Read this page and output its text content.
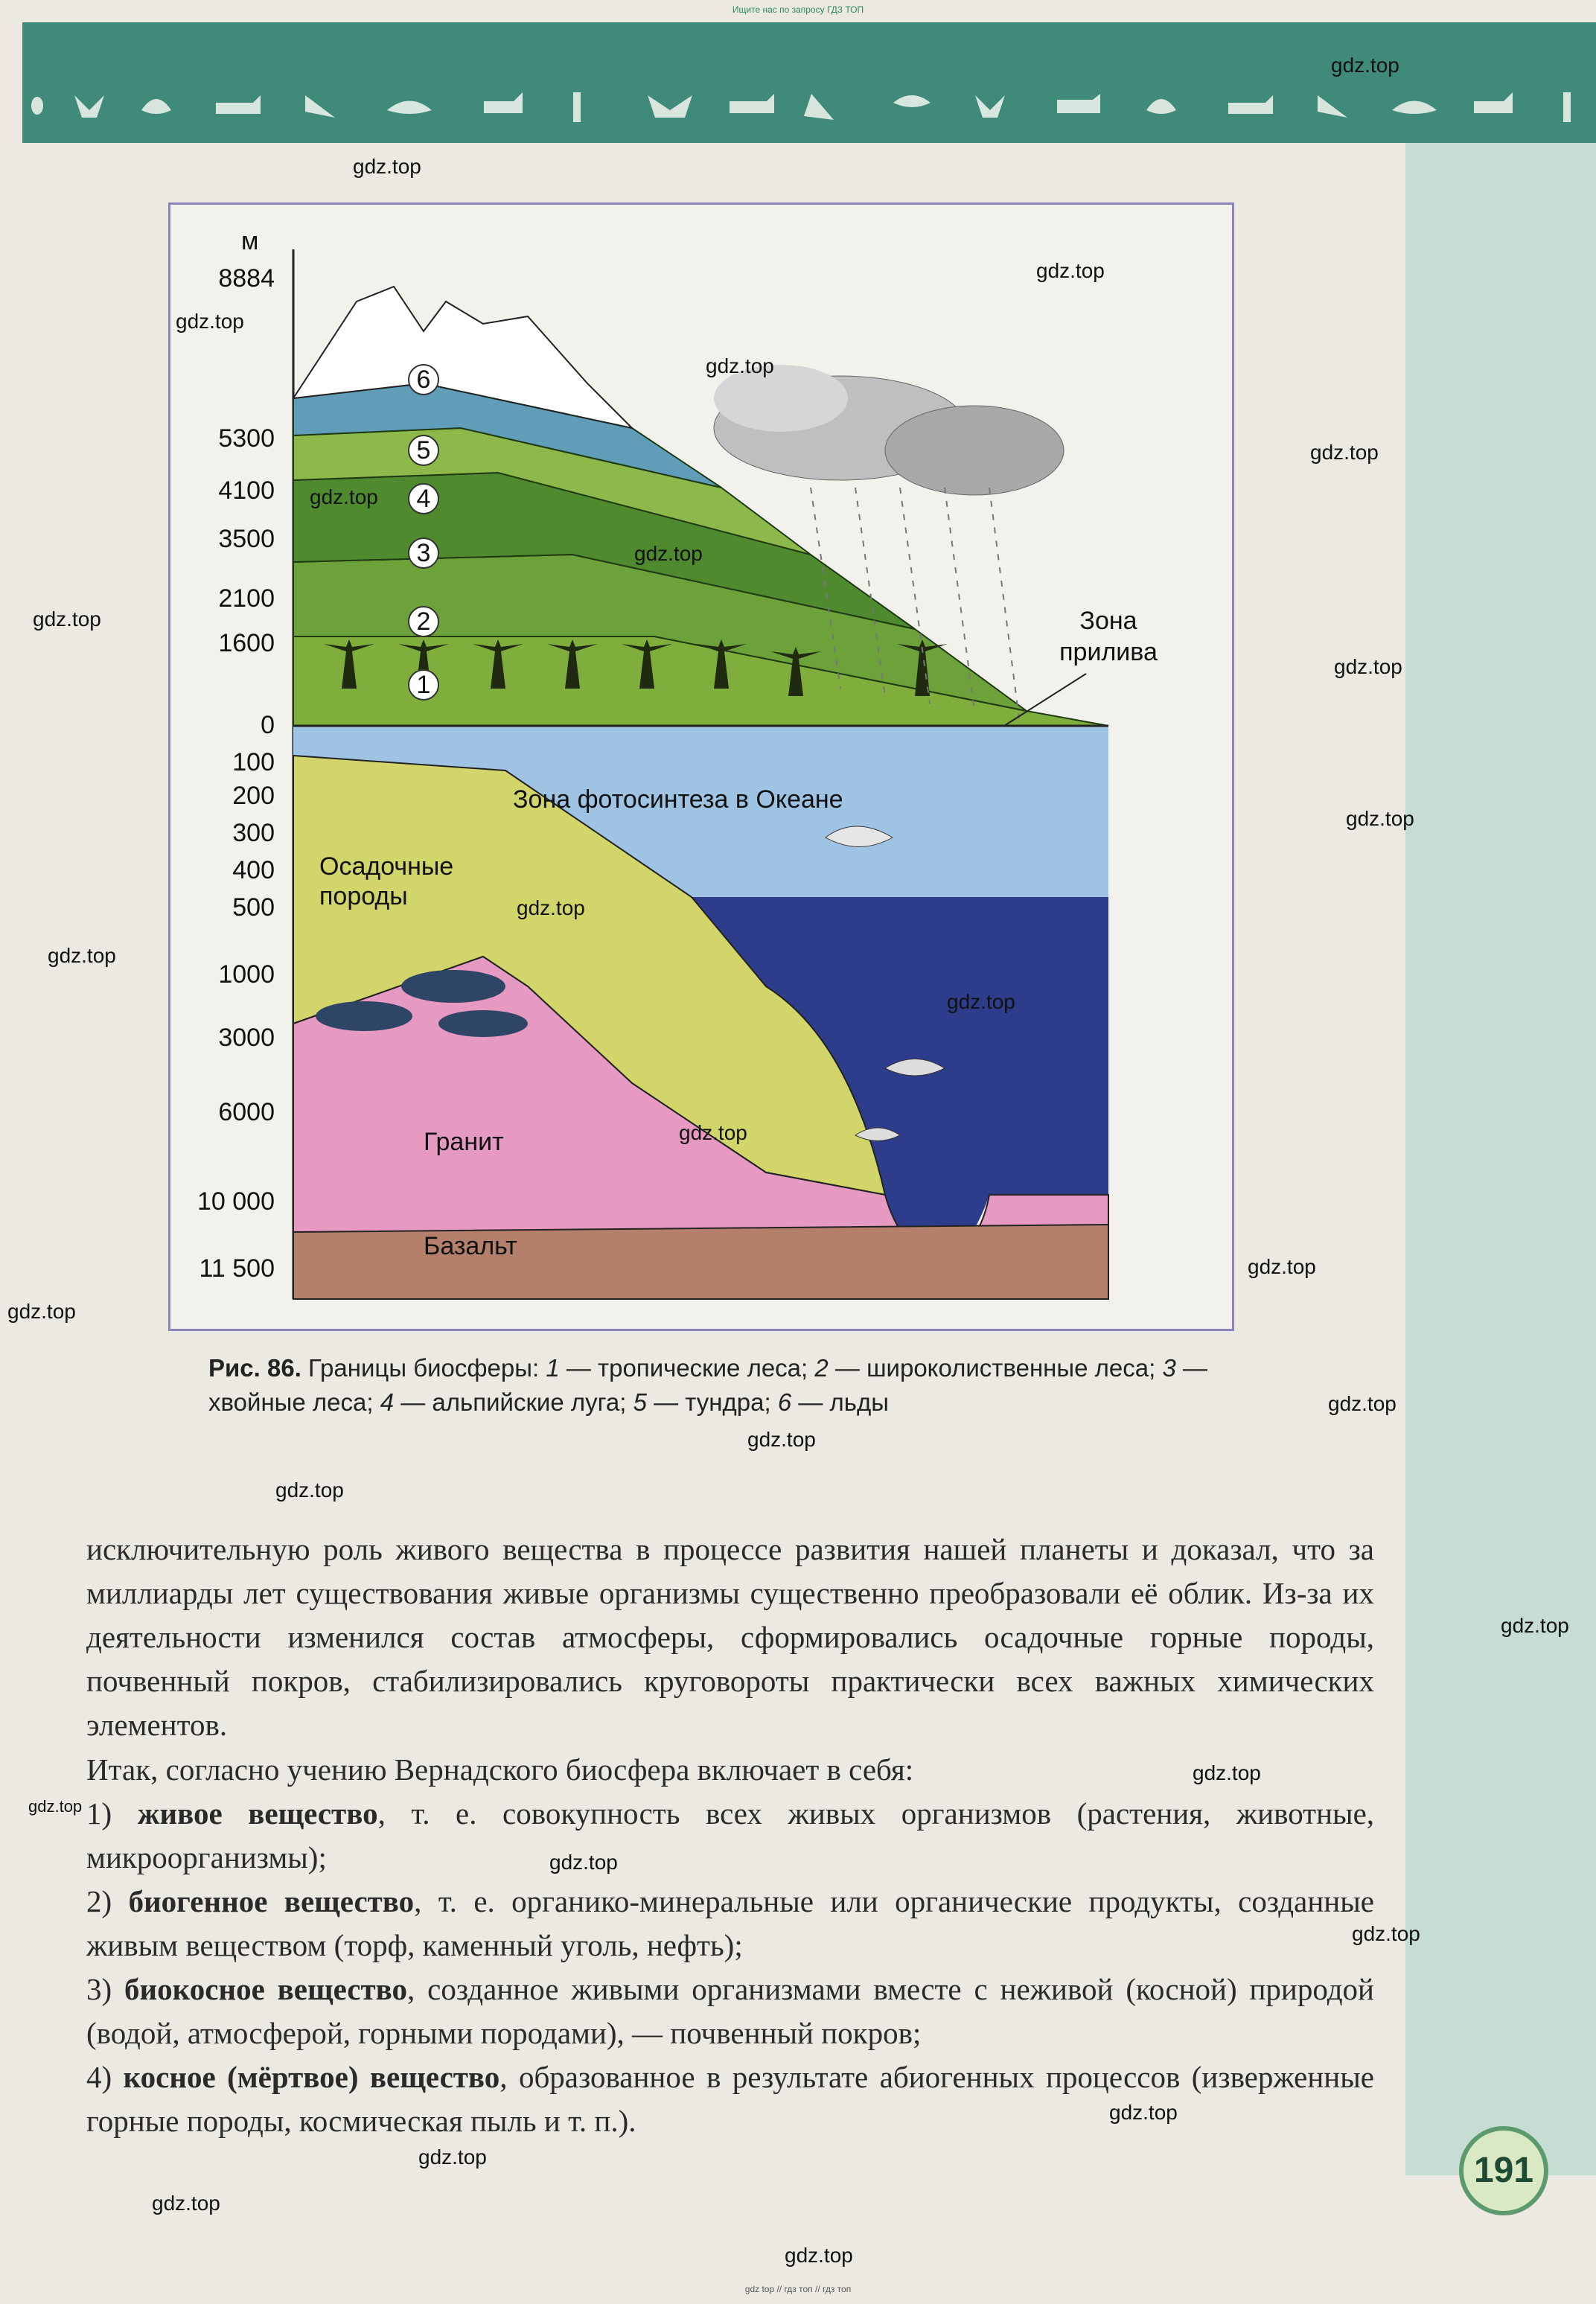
Ищите нас по запросу ГДЗ ТОП
м
8884
5300
4100
3500
2100
1600
0
100
200
300
400
500
1000
3000
6000
10 000
11 500
1
2
3
4
5
6
Зона
прилива
Зона фотосинтеза в Океане
Осадочные
породы
Гранит
Базальт
Рис. 86. Границы биосферы: 1 — тропические леса; 2 — широколиственные леса; 3 — хвойные леса; 4 — альпийские луга; 5 — тундра; 6 — льды

исключительную роль живого вещества в процессе развития нашей планеты и доказал, что за миллиарды лет существования живые организмы существенно преобразовали её облик. Из-за их деятельности изменился состав атмосферы, сформировались осадочные горные породы, почвенный покров, стабилизировались круговороты практически всех важных химических элементов.

Итак, согласно учению Вернадского биосфера включает в себя:

1) живое вещество, т. е. совокупность всех живых организмов (растения, животные, микроорганизмы);

2) биогенное вещество, т. е. органико-минеральные или органические продукты, созданные живым веществом (торф, каменный уголь, нефть);

3) биокосное вещество, созданное живыми организмами вместе с неживой (косной) природой (водой, атмосферой, горными породами), — почвенный покров;

4) косное (мёртвое) вещество, образованное в результате абиогенных процессов (изверженные горные породы, космическая пыль и т. п.).

191
gdz.top
gdz.top
gdz.top
gdz.top
gdz.top
gdz.top
gdz.top
gdz.top
gdz.top
gdz.top
gdz.top
gdz.top
gdz.top
gdz.top
gdz.top
gdz.top
gdz.top
gdz.top
gdz.top
gdz.top
gdz.top
gdz.top
gdz.top
gdz.top
gdz.top
gdz.top
gdz.top
gdz.top
gdz.top
gdz top // гдз топ // гдз топ
